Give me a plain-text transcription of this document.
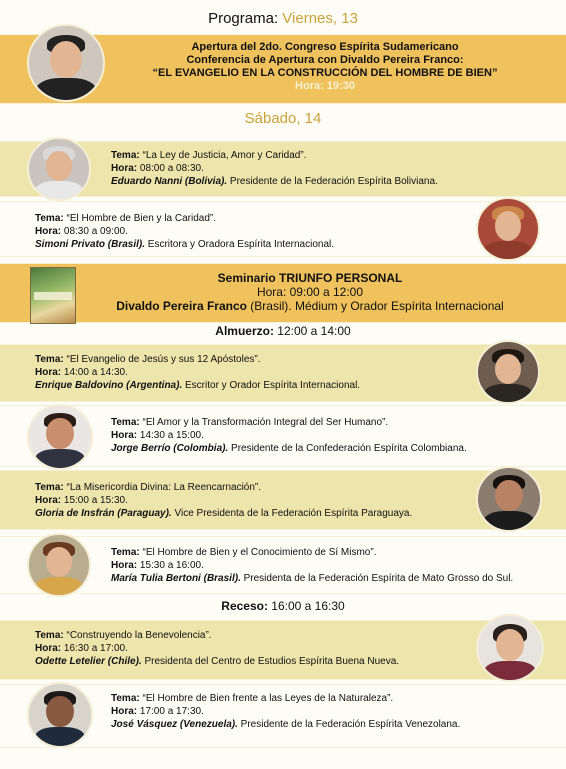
Programa: Viernes, 13
Apertura del 2do. Congreso Espírita Sudamericano
Conferencia de Apertura con Divaldo Pereira Franco:
“EL EVANGELIO EN LA CONSTRUCCIÓN DEL HOMBRE DE BIEN”
Hora: 19:30
Sábado, 14
Tema: “La Ley de Justicia, Amor y Caridad”.
Hora: 08:00 a 08:30.
Eduardo Nanni (Bolivia). Presidente de la Federación Espírita Boliviana.
Tema: “El Hombre de Bien y la Caridad”.
Hora: 08:30 a 09:00.
Simoni Privato (Brasil). Escritora y Oradora Espírita Internacional.
Seminario TRIUNFO PERSONAL
Hora: 09:00 a 12:00
Divaldo Pereira Franco (Brasil). Médium y Orador Espírita Internacional
Almuerzo: 12:00 a 14:00
Tema: “El Evangelio de Jesús y sus 12 Apóstoles”.
Hora: 14:00 a 14:30.
Enrique Baldovino (Argentina). Escritor y Orador Espírita Internacional.
Tema: “El Amor y la Transformación Integral del Ser Humano”.
Hora: 14:30 a 15:00.
Jorge Berrío (Colombia). Presidente de la Confederación Espírita Colombiana.
Tema: “La Misericordia Divina: La Reencarnación”.
Hora: 15:00 a 15:30.
Gloria de Insfrán (Paraguay). Vice Presidenta de la Federación Espírita Paraguaya.
Tema: “El Hombre de Bien y el Conocimiento de Sí Mismo”.
Hora: 15:30 a 16:00.
María Tulia Bertoni (Brasil). Presidenta de la Federación Espírita de Mato Grosso do Sul.
Receso: 16:00 a 16:30
Tema: “Construyendo la Benevolencia”.
Hora: 16:30 a 17:00.
Odette Letelier (Chile). Presidenta del Centro de Estudios Espírita Buena Nueva.
Tema: “El Hombre de Bien frente a las Leyes de la Naturaleza”.
Hora: 17:00 a 17:30.
José Vásquez (Venezuela). Presidente de la Federación Espírita Venezolana.
